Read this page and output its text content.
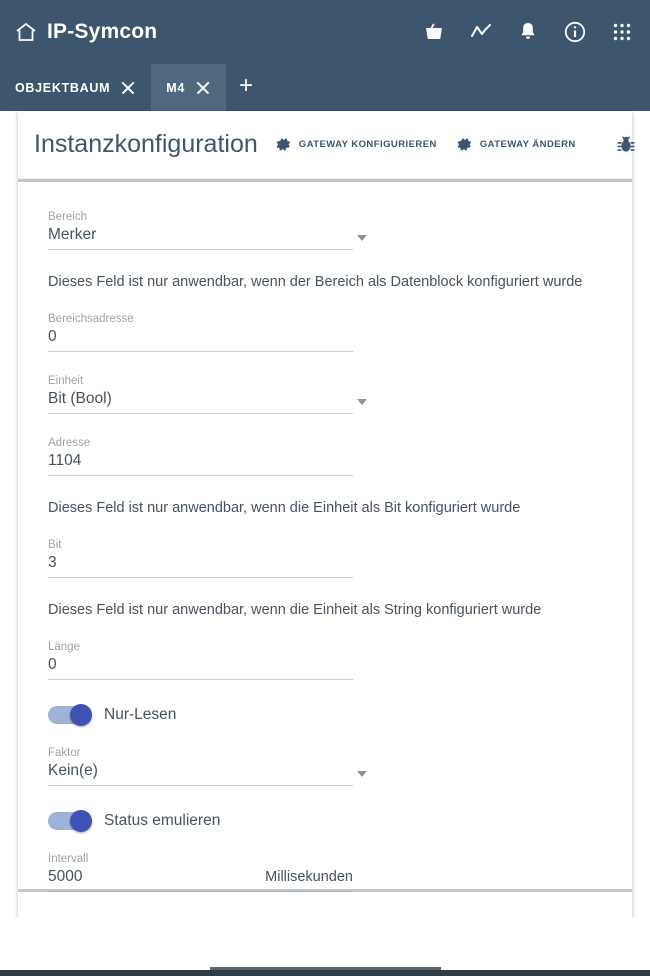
IP-Symcon
OBJEKTBAUM	M4	+
Instanzkonfiguration	GATEWAY KONFIGURIEREN	GATEWAY ÄNDERN
Bereich
Merker
Dieses Feld ist nur anwendbar, wenn der Bereich als Datenblock konfiguriert wurde
Bereichsadresse
0
Einheit
Bit (Bool)
Adresse
1104
Dieses Feld ist nur anwendbar, wenn die Einheit als Bit konfiguriert wurde
Bit
3
Dieses Feld ist nur anwendbar, wenn die Einheit als String konfiguriert wurde
Länge
0
Nur-Lesen
Faktor
Kein(e)
Status emulieren
Intervall
5000	Millisekunden
